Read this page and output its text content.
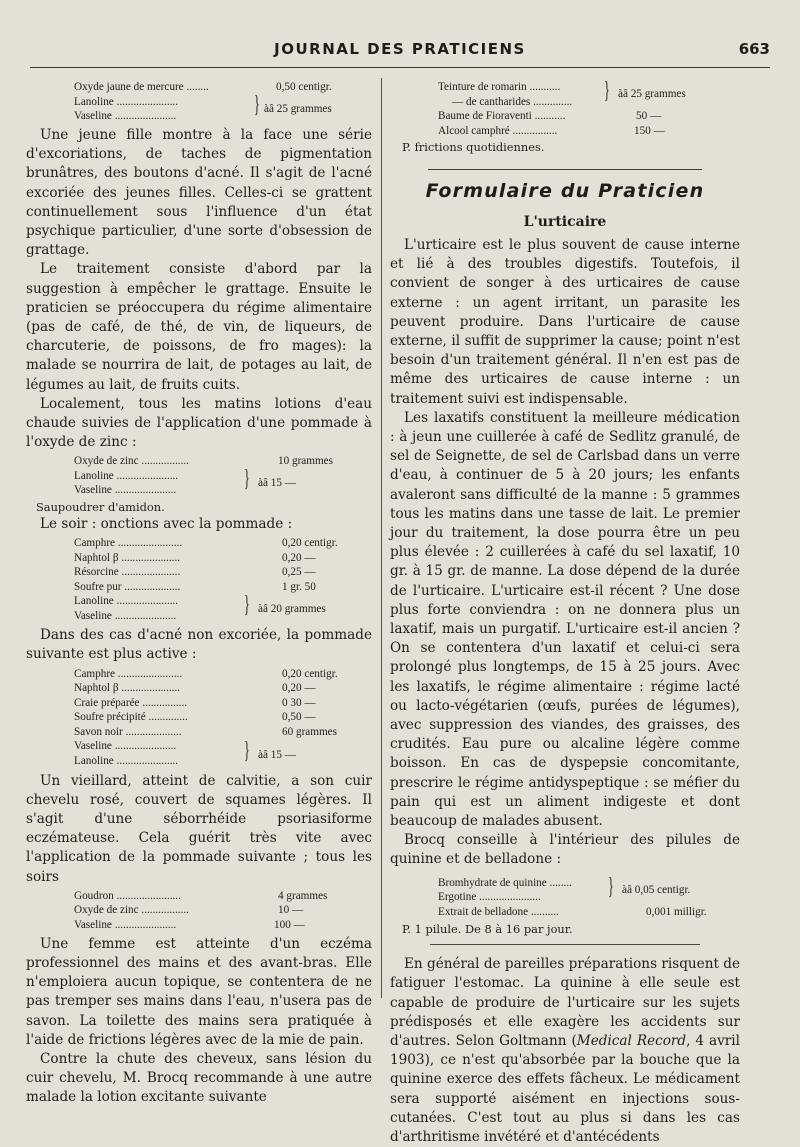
JOURNAL DES PRATICIENS	663
Oxyde jaune de mercure ........	0,50 centigr.
Lanoline ......................
Vaseline ......................	} àâ 25 grammes

Une jeune fille montre à la face une série d'excoriations, de taches de pigmentation brunâtres, des boutons d'acné. Il s'agit de l'acné excoriée des jeunes filles. Celles-ci se grattent continuellement sous l'influence d'un état psychique particulier, d'une sorte d'obsession de grattage.

Le traitement consiste d'abord par la suggestion à empêcher le grattage. Ensuite le praticien se préoccupera du régime alimentaire (pas de café, de thé, de vin, de liqueurs, de charcuterie, de poissons, de fro mages): la malade se nourrira de lait, de potages au lait, de légumes au lait, de fruits cuits.

Localement, tous les matins lotions d'eau chaude suivies de l'application d'une pommade à l'oxyde de zinc :

Oxyde de zinc .................	10 grammes
Lanoline ......................
Vaseline ......................	} àâ 15 —
Saupoudrer d'amidon.

Le soir : onctions avec la pommade :

Camphre .......................	0,20 centigr.
Naphtol β .....................	0,20 —
Résorcine .....................	0,25 —
Soufre pur ....................	1 gr. 50
Lanoline ......................
Vaseline ......................	} àâ 20 grammes

Dans des cas d'acné non excoriée, la pommade suivante est plus active :

Camphre .......................	0,20 centigr.
Naphtol β .....................	0,20 —
Craie préparée ................	0 30 —
Soufre précipité ..............	0,50 —
Savon noir ....................	60 grammes
Vaseline ......................
Lanoline ......................	} àâ 15 —

Un vieillard, atteint de calvitie, a son cuir chevelu rosé, couvert de squames légères. Il s'agit d'une séborrhéide psoriasiforme eczémateuse. Cela guérit très vite avec l'application de la pommade suivante ; tous les soirs

Goudron .......................	4 grammes
Oxyde de zinc .................	10 —
Vaseline ......................	100 —

Une femme est atteinte d'un eczéma professionnel des mains et des avant-bras. Elle n'emploiera aucun topique, se contentera de ne pas tremper ses mains dans l'eau, n'usera pas de savon. La toilette des mains sera pratiquée à l'aide de frictions légères avec de la mie de pain.

Contre la chute des cheveux, sans lésion du cuir chevelu, M. Brocq recommande à une autre malade la lotion excitante suivante

Teinture de romarin ...........
— de cantharides ..............
Baume de Fioraventi ...........	50 —
Alcool camphré ................	150 —
} àâ 25 grammes
P. frictions quotidiennes.
Formulaire du Praticien
L'urticaire

L'urticaire est le plus souvent de cause interne et lié à des troubles digestifs. Toutefois, il convient de songer à des urticaires de cause externe : un agent irritant, un parasite les peuvent produire. Dans l'urticaire de cause externe, il suffit de supprimer la cause; point n'est besoin d'un traitement général. Il n'en est pas de même des urticaires de cause interne : un traitement suivi est indispensable.

Les laxatifs constituent la meilleure médication : à jeun une cuillerée à café de Sedlitz granulé, de sel de Seignette, de sel de Carlsbad dans un verre d'eau, à continuer de 5 à 20 jours; les enfants avaleront sans difficulté de la manne : 5 grammes tous les matins dans une tasse de lait. Le premier jour du traitement, la dose pourra être un peu plus élevée : 2 cuillerées à café du sel laxatif, 10 gr. à 15 gr. de manne. La dose dépend de la durée de l'urticaire. L'urticaire est-il récent ? Une dose plus forte conviendra : on ne donnera plus un laxatif, mais un purgatif. L'urticaire est-il ancien ? On se contentera d'un laxatif et celui-ci sera prolongé plus longtemps, de 15 à 25 jours. Avec les laxatifs, le régime alimentaire : régime lacté ou lacto-végétarien (œufs, purées de légumes), avec suppression des viandes, des graisses, des crudités. Eau pure ou alcaline légère comme boisson. En cas de dyspepsie concomitante, prescrire le régime antidyspeptique : se méfier du pain qui est un aliment indigeste et dont beaucoup de malades abusent.

Brocq conseille à l'intérieur des pilules de quinine et de belladone :

Bromhydrate de quinine ........
Ergotine ......................
Extrait de belladone ..........	0,001 milligr.
} àâ 0,05 centigr.
P. 1 pilule. De 8 à 16 par jour.

En général de pareilles préparations risquent de fatiguer l'estomac. La quinine à elle seule est capable de produire de l'urticaire sur les sujets prédisposés et elle exagère les accidents sur d'autres. Selon Goltmann (Medical Record, 4 avril 1903), ce n'est qu'absorbée par la bouche que la quinine exerce des effets fâcheux. Le médicament sera supporté aisément en injections sous-cutanées. C'est tout au plus si dans les cas d'arthritisme invétéré et d'antécédents
